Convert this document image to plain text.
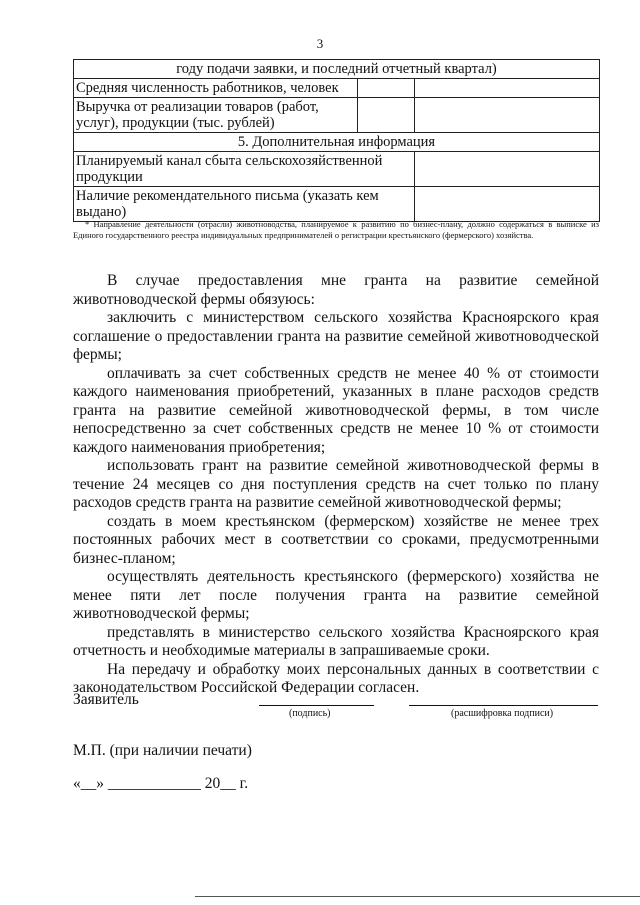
3
году подачи заявки, и последний отчетный квартал)		
Средняя численность работников, человек		
Выручка от реализации товаров (работ, услуг), продукции (тыс. рублей)		
5. Дополнительная информация		
Планируемый канал сбыта сельскохозяйственной продукции		
Наличие рекомендательного письма (указать кем выдано)		
* Направление деятельности (отрасли) животноводства, планируемое к развитию по бизнес-плану, должно содержаться в выписке из Единого государственного реестра индивидуальных предпринимателей о регистрации крестьянского (фермерского) хозяйства.

В случае предоставления мне гранта на развитие семейной животноводческой фермы обязуюсь:

заключить с министерством сельского хозяйства Красноярского края соглашение о предоставлении гранта на развитие семейной животноводческой фермы;

оплачивать за счет собственных средств не менее 40 % от стоимости каждого наименования приобретений, указанных в плане расходов средств гранта на развитие семейной животноводческой фермы, в том числе непосредственно за счет собственных средств не менее 10 % от стоимости каждого наименования приобретения;

использовать грант на развитие семейной животноводческой фермы в течение 24 месяцев со дня поступления средств на счет только по плану расходов средств гранта на развитие семейной животноводческой фермы;

создать в моем крестьянском (фермерском) хозяйстве не менее трех постоянных рабочих мест в соответствии со сроками, предусмотренными бизнес-планом;

осуществлять деятельность крестьянского (фермерского) хозяйства не менее пяти лет после получения гранта на развитие семейной животноводческой фермы;

представлять в министерство сельского хозяйства Красноярского края отчетность и необходимые материалы в запрашиваемые сроки.

На передачу и обработку моих персональных данных в соответствии с законодательством Российской Федерации согласен.

Заявитель
(подпись)	(расшифровка подписи)
М.П. (при наличии печати)
«__» ____________ 20__ г.
